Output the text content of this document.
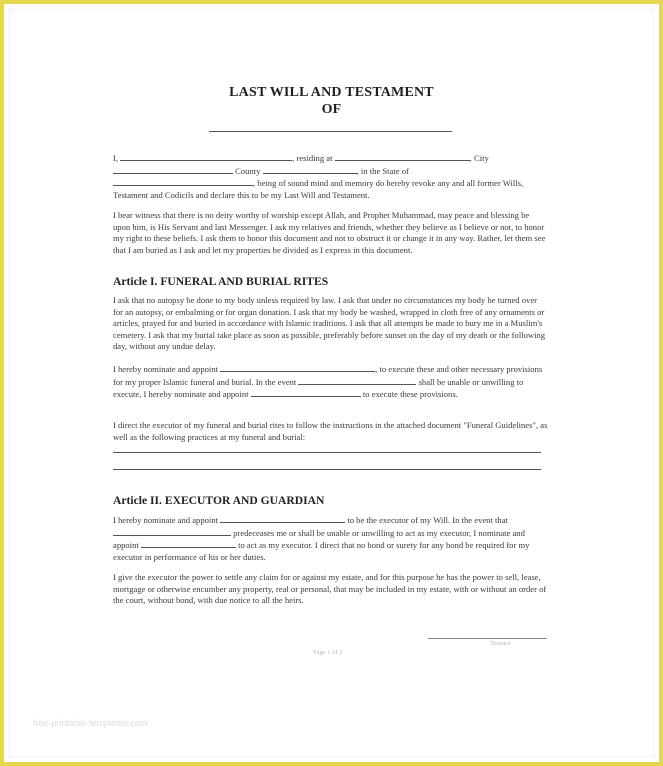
LAST WILL AND TESTAMENT
OF
I,	, residing at	, City
County	, in the State of
, being of sound mind and memory do hereby revoke any and all former Wills, Testament and Codicils and declare this to be my Last Will and Testament.
I bear witness that there is no deity worthy of worship except Allah, and Prophet Muhammad, may peace and blessing be upon him, is His Servant and last Messenger. I ask my relatives and friends, whether they believe as I believe or not, to honor my right to these beliefs. I ask them to honor this document and not to obstruct it or change it in any way. Rather, let them see that I am buried as I ask and let my properties be divided as I express in this document.
Article I. FUNERAL AND BURIAL RITES
I ask that no autopsy be done to my body unless required by law. I ask that under no circumstances my body be turned over for an autopsy, or embalming or for organ donation. I ask that my body be washed, wrapped in cloth free of any ornaments or articles, prayed for and buried in accordance with Islamic traditions. I ask that all attempts be made to bury me in a Muslim's cemetery. I ask that my burial take place as soon as possible, preferably before sunset on the day of my death or the following day, without any undue delay.
I hereby nominate and appoint	, to execute these and other necessary provisions for my proper Islamic funeral and burial. In the event	shall be unable or unwilling to execute, I hereby nominate and appoint	to execute these provisions.
I direct the executor of my funeral and burial rites to follow the instructions in the attached document "Funeral Guidelines", as well as the following practices at my funeral and burial:
Article II. EXECUTOR AND GUARDIAN
I hereby nominate and appoint	to be the executor of my Will. In the event that  predeceases me or shall be unable or unwilling to act as my executor, I nominate and appoint	to act as my executor. I direct that no bond or surety for any bond be required for my executor in performance of his or her duties.
I give the executor the power to settle any claim for or against my estate, and for this purpose he has the power to sell, lease, mortgage or otherwise encumber any property, real or personal, that may be included in my estate, with or without an order of the court, without bond, with due notice to all the heirs.
Testator
Page 1 of 2
free-printable-templates.com
